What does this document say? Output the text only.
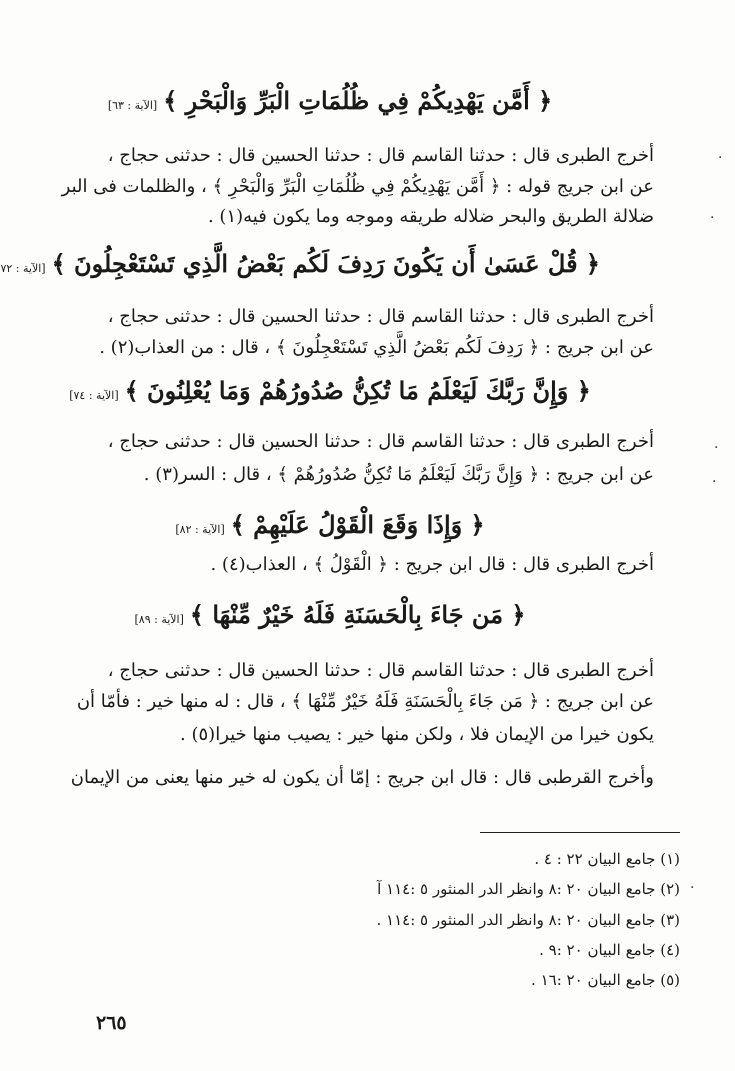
﴿ أَمَّن يَهْدِيكُمْ فِي ظُلُمَاتِ الْبَرِّ وَالْبَحْرِ ﴾[الآية : ٦٣]
أخرج الطبرى قال : حدثنا القاسم قال : حدثنا الحسين قال : حدثنى حجاج ،
عن ابن جريج قوله : ﴿ أَمَّن يَهْدِيكُمْ فِي ظُلُمَاتِ الْبَرِّ وَالْبَحْرِ ﴾ ، والظلمات فى البر
ضلالة الطريق والبحر ضلاله طريقه وموجه وما يكون فيه(١) .
﴿ قُلْ عَسَىٰ أَن يَكُونَ رَدِفَ لَكُم بَعْضُ الَّذِي تَسْتَعْجِلُونَ ﴾[الآية : ٧٢
أخرج الطبرى قال : حدثنا القاسم قال : حدثنا الحسين قال : حدثنى حجاج ،
عن ابن جريج : ﴿ رَدِفَ لَكُم بَعْضُ الَّذِي تَسْتَعْجِلُونَ ﴾ ، قال : من العذاب(٢) .
﴿ وَإِنَّ رَبَّكَ لَيَعْلَمُ مَا تُكِنُّ صُدُورُهُمْ وَمَا يُعْلِنُونَ ﴾[الآية : ٧٤]
أخرج الطبرى قال : حدثنا القاسم قال : حدثنا الحسين قال : حدثنى حجاج ،
عن ابن جريج : ﴿ وَإِنَّ رَبَّكَ لَيَعْلَمُ مَا تُكِنُّ صُدُورُهُمْ ﴾ ، قال : السر(٣) .
﴿ وَإِذَا وَقَعَ الْقَوْلُ عَلَيْهِمْ ﴾[الآية : ٨٢]
أخرج الطبرى قال : قال ابن جريج : ﴿ الْقَوْلُ ﴾ ، العذاب(٤) .
﴿ مَن جَاءَ بِالْحَسَنَةِ فَلَهُ خَيْرٌ مِّنْهَا ﴾[الآية : ٨٩]
أخرج الطبرى قال : حدثنا القاسم قال : حدثنا الحسين قال : حدثنى حجاج ،
عن ابن جريج : ﴿ مَن جَاءَ بِالْحَسَنَةِ فَلَهُ خَيْرٌ مِّنْهَا ﴾ ، قال : له منها خير : فأمّا أن
يكون خيرا من الإيمان فلا ، ولكن منها خير : يصيب منها خيرا(٥) .
وأخرج القرطبى قال : قال ابن جريج : إمّا أن يكون له خير منها يعنى من الإيمان
(١) جامع البيان ٢٢ : ٤ .
(٢) جامع البيان ٢٠ :٨ وانظر الدر المنثور ٥ :١١٤ آ
(٣) جامع البيان ٢٠ :٨ وانظر الدر المنثور ٥ :١١٤ .
(٤) جامع البيان ٢٠ :٩ .
(٥) جامع البيان ٢٠ :١٦ .
٢٦٥
·
·
·
·
·
